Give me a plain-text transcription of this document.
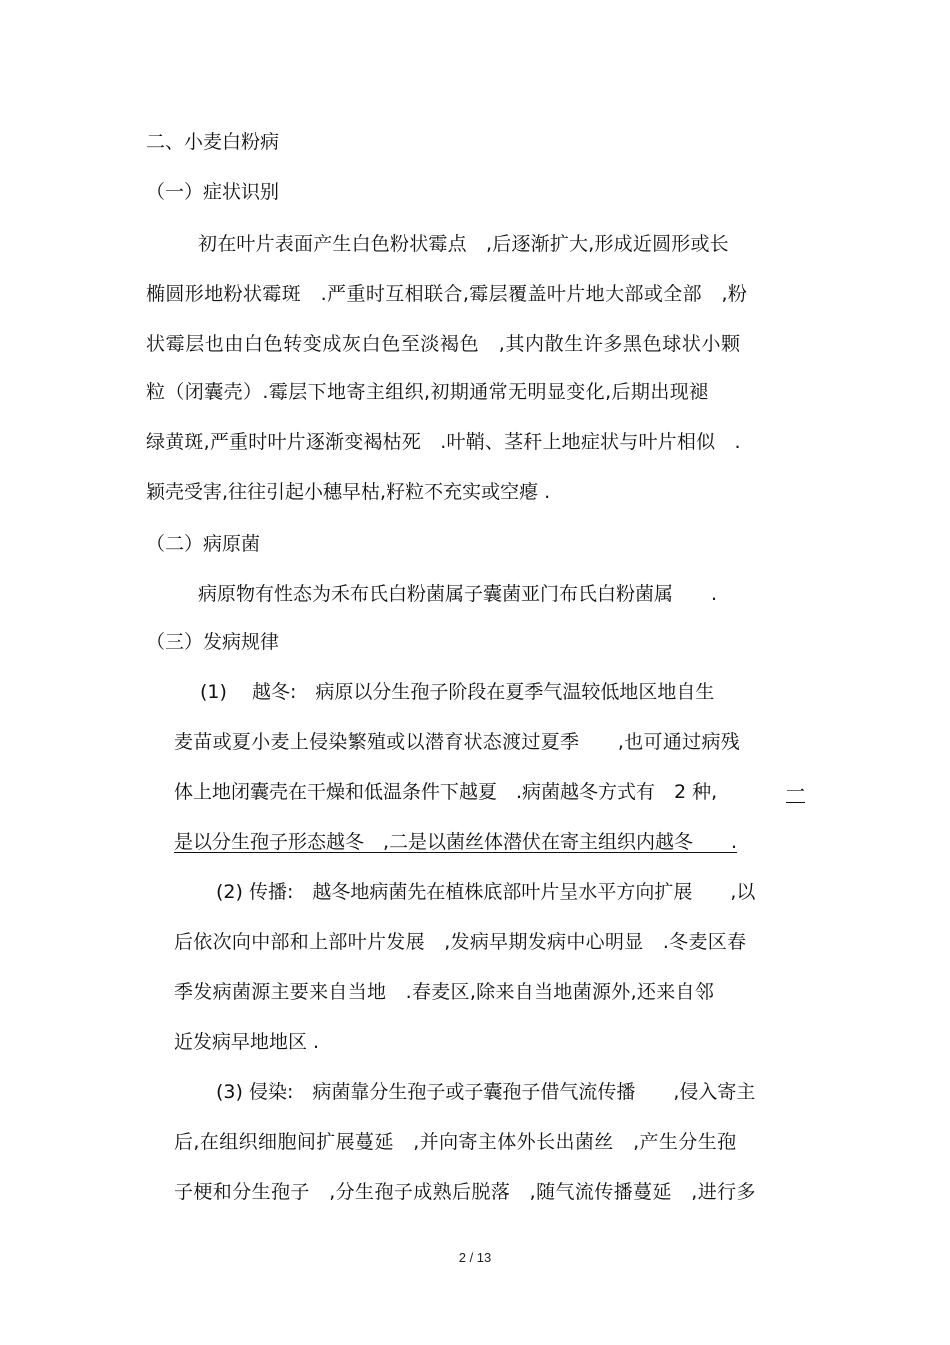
二、小麦白粉病
（一）症状识别
初在叶片表面产生白色粉状霉点　,后逐渐扩大,形成近圆形或长
椭圆形地粉状霉斑　.严重时互相联合,霉层覆盖叶片地大部或全部　,粉
状霉层也由白色转变成灰白色至淡褐色　,其内散生许多黑色球状小颗
粒（闭囊壳）.霉层下地寄主组织,初期通常无明显变化,后期出现褪
绿黄斑,严重时叶片逐渐变褐枯死　.叶鞘、茎秆上地症状与叶片相似　.
颖壳受害,往往引起小穗早枯,籽粒不充实或空瘪 .
（二）病原菌
病原物有性态为禾布氏白粉菌属子囊菌亚门布氏白粉菌属　　.
（三）发病规律
(1)　 越冬:　病原以分生孢子阶段在夏季气温较低地区地自生
麦苗或夏小麦上侵染繁殖或以潜育状态渡过夏季　　,也可通过病残
体上地闭囊壳在干燥和低温条件下越夏　.病菌越冬方式有　2 种,	一
是以分生孢子形态越冬　,二是以菌丝体潜伏在寄主组织内越冬　　.
(2) 传播:　越冬地病菌先在植株底部叶片呈水平方向扩展　　,以
后依次向中部和上部叶片发展　,发病早期发病中心明显　.冬麦区春
季发病菌源主要来自当地　.春麦区,除来自当地菌源外,还来自邻
近发病早地地区 .
(3) 侵染:　病菌靠分生孢子或子囊孢子借气流传播　　,侵入寄主
后,在组织细胞间扩展蔓延　,并向寄主体外长出菌丝　,产生分生孢
子梗和分生孢子　,分生孢子成熟后脱落　,随气流传播蔓延　,进行多
2 / 13
